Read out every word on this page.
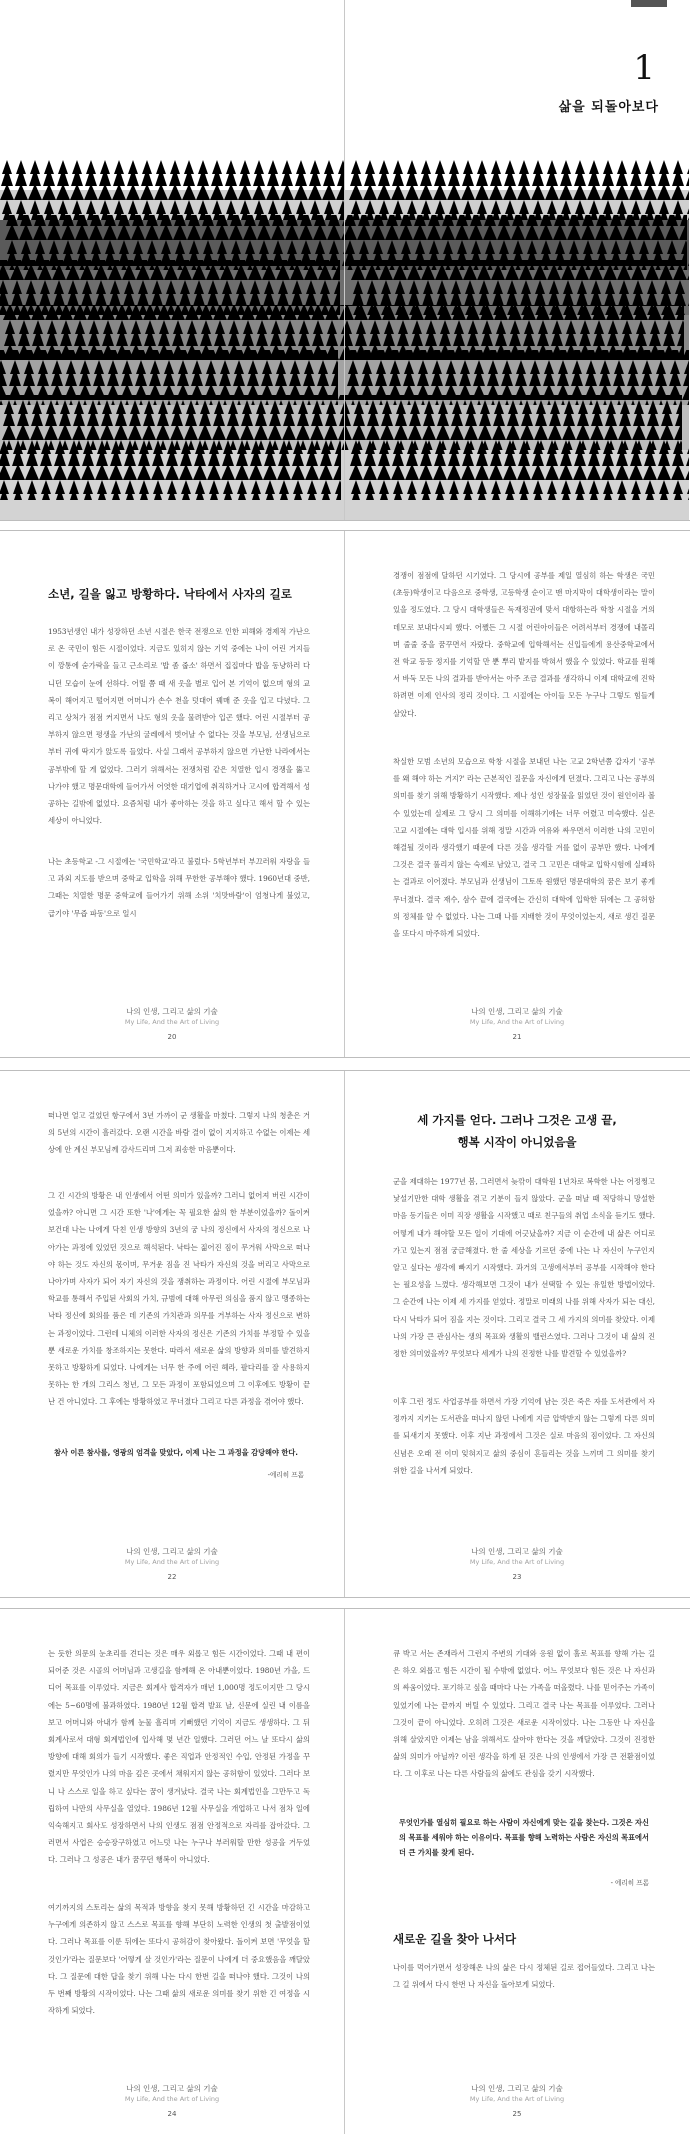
1
삶을 되돌아보다
소년, 길을 잃고 방황하다. 낙타에서 사자의 길로
1953년생인 내가 성장하던 소년 시절은 한국 전쟁으로 인한 피해와 경제적 가난으로 온 국민이 힘든 시절이었다. 지금도 있히지 않는 기억 중에는 나이 어린 거지들이 깡통에 숟가락을 들고 근소리로 '밥 좀 줍소' 하면서 집집마다 밥을 동냥하러 다니던 모습이 눈에 선하다. 어릴 쯤 때 새 옷을 별로 입어 본 기억이 없으며 형의 교복이 해어지고 떨어지면 어머니가 손수 천을 덧대어 꿰매 준 옷을 입고 다녔다. 그리고 상처가 점점 커지면서 나도 형의 옷을 물려받아 입곤 했다. 어린 시절부터 공부하지 않으면 평생을 가난의 굴레에서 벗어날 수 없다는 것을 부모님, 선생님으로부터 귀에 딱지가 앉도록 들었다. 사실 그래서 공부하지 않으면 가난한 나라에서는 공부밖에 할 게 없었다. 그러기 위해서는 전쟁처럼 같은 치열한 입시 경쟁을 뚫고 나가야 했고 명문대학에 들어가서 어엿한 대기업에 취직하거나 고시에 합격해서 성공하는 길밖에 없었다. 요즘처럼 내가 좋아하는 것을 하고 싶다고 해서 할 수 있는 세상이 아니었다.
나는 초등학교 -그 시절에는 '국민학교'라고 불렀다- 5학년부터 부끄러워 자랑을 들고 과외 지도를 받으며 중학교 입학을 위해 무한한 공부해야 했다. 1960년대 중반, 그때는 치열한 명문 중학교에 들어가기 위해 소위 '치맛바람'이 엄청나게 불었고, 급기야 '무즙 파동'으로 일시
나의 인생, 그리고 삶의 기술
My Life, And the Art of Living
20
경쟁이 점점에 달하던 시기였다. 그 당시에 공부를 제일 열심히 하는 학생은 국민(초등)학생이고 다음으로 중학생, 고등학생 순이고 맨 마지막이 대학생이라는 말이 있을 정도였다. 그 당시 대학생들은 독재정권에 맞서 대항하는라 학창 시절을 거의 데모로 보내다시피 했다. 어쨌든 그 시절 어린아이들은 어려서부터 경쟁에 내몰리며 줄줄 중을 꿈꾸면서 자랐다. 중학교에 입학해서는 신입들에게 용산중학교에서 전 학교 등등 정지를 기억할 만 뿐 뿌리 밭지를 박혀서 했을 수 있었다. 학교를 원해서 바둑 모든 나의 결과를 받아서는 아주 조금 결과를 생각하니 이제 대학교에 진학하려면 이제 인사의 정리 것이다. 그 시절에는 아이들 모든 누구나 그렇도 힘들게 살았다.
착실한 모범 소년의 모습으로 학창 시절을 보내던 나는 고교 2학년쯤 갑자기 '공부를 왜 해야 하는 거지?' 라는 근본적인 질문을 자신에게 던졌다. 그리고 나는 공부의 의미를 찾기 위해 방황하기 시작했다. 제나 성인 성장물을 읽었던 것이 원인이라 볼 수 있었는데 실제로 그 당시 그 의미를 이해하기에는 너무 어렸고 미숙했다. 실은 고교 시절에는 대학 입시를 위해 정말 시간과 여유와 싸우면서 이러한 나의 고민이 해결될 것이라 생각했기 때문에 다른 것을 생각할 겨를 없이 공부만 했다. 나에게 그것은 결국 풀리지 않는 숙제로 남았고, 결국 그 고민은 대학교 입학시험에 실패하는 결과로 이어졌다. 부모님과 선생님이 그토록 원했던 명문대학의 꿈은 보기 좋게 무너졌다. 결국 재수, 삼수 끝에 결국에는 간신히 대학에 입학한 뒤에는 그 공허함의 정체를 알 수 없었다. 나는 그때 나를 지배한 것이 무엇이었는지, 새로 생긴 질문을 또다시 마주하게 되었다.
나의 인생, 그리고 삶의 기술
My Life, And the Art of Living
21
떠나면 얼고 걸었던 항구에서 3년 가까이 군 생활을 마쳤다. 그렇지 나의 청춘은 거의 5년의 시간이 흘러갔다. 오랜 시간을 바람 결이 없이 지지하고 수없는 이제는 세상에 안 계신 부모님께 감사드리며 그저 죄송한 마음뿐이다.
그 긴 시간의 방황은 내 인생에서 어떤 의미가 있을까? 그러니 없어져 버린 시간이었을까? 아니면 그 시간 또한 '나'에게는 꼭 필요한 삶의 한 부분이었을까? 돌이켜보건대 나는 나에게 닥친 인생 방향의 3년의 궁 나의 정신에서 사자의 정신으로 나아가는 과정에 있었던 것으로 해석된다. 낙타는 짊어진 짐이 무거워 사막으로 떠나야 하는 것도 자신의 몫이며, 무거운 짐을 진 낙타가 자신의 것을 버리고 사막으로 나아가며 사자가 되어 자기 자신의 것을 쟁취하는 과정이다. 어린 시절에 부모님과 학교를 통해서 주입된 사회의 가치, 규범에 대해 아무런 의심을 품지 않고 맹종하는 낙타 정신에 회의를 품은 데 기존의 가치관과 의무를 거부하는 사자 정신으로 변하는 과정이었다. 그런데 니체의 이러한 사자의 정신은 기존의 가치를 부정할 수 있을 뿐 새로운 가치를 창조하지는 못한다. 따라서 새로운 삶의 방향과 의미를 발견하지 못하고 방황하게 되었다. 나에게는 너무 한 주에 어린 헤라, 팔다리를 잘 사용하지 못하는 한 개의 그리스 청년, 그 모든 과정이 포함되었으며 그 이후에도 방황이 끝난 건 아니었다. 그 후에는 방황하였고 무너졌다 그리고 다른 과정을 겪어야 했다.
참사 이른 참사를, 영광의 엄격을 맞았다, 이제 나는 그 과정을 감당해야 한다.
-에리히 프롬
나의 인생, 그리고 삶의 기술
My Life, And the Art of Living
22
세 가지를 얻다. 그러나 그것은 고생 끝,
행복 시작이 아니었음을
군을 제대하는 1977년 봄, 그러면서 늦깎이 대학원 1년차로 복학한 나는 어정쩡고 낯설기만한 대학 생활을 겪고 기분이 들지 않았다. 군을 떠날 때 적당하니 망설한 마음 동기들은 이미 직장 생활을 시작했고 때로 친구들의 취업 소식을 듣기도 했다. 어떻게 내가 해야할 모든 일이 기대에 어긋났을까? 지금 이 순간에 내 삶은 어디로 가고 있는지 점점 궁금해졌다. 한 줄 세상을 기르던 중에 나는 나 자신이 누구인지 알고 싶다는 생각에 빠지기 시작했다. 과거의 고생에서부터 공부를 시작해야 한다는 필요성을 느꼈다. 생각해보면 그것이 내가 선택할 수 있는 유일한 방법이었다. 그 순간에 나는 이제 세 가지를 얻었다. 정말로 미래의 나를 위해 사자가 되는 대신, 다시 낙타가 되어 짐을 지는 것이다. 그리고 결국 그 세 가지의 의미를 찾았다. 이제 나의 가장 큰 관심사는 생의 목표와 생활의 밸런스였다. 그러나 그것이 내 삶의 진정한 의미였을까? 무엇보다 세계가 나의 진정한 나를 발견할 수 있었을까?
이후 그런 정도 사업공부를 하면서 가장 기억에 남는 것은 죽은 자를 도서관에서 자정까지 지키는 도서관을 떠나지 않던 나에게 지금 압박받지 않는 그렇게 다른 의미를 되새기지 못했다. 이후 지난 과정에서 그것은 실로 마음의 짐이었다. 그 자신의 신념은 오래 전 이미 잊혀지고 삶의 중심이 흔들리는 것을 느끼며 그 의미를 찾기 위한 길을 나서게 되었다.
나의 인생, 그리고 삶의 기술
My Life, And the Art of Living
23
는 듯한 의문의 눈초리를 견디는 것은 매우 외롭고 힘든 시간이었다. 그때 내 편이 되어준 것은 시골의 어머님과 고생길을 함께해 온 아내뿐이었다. 1980년 가을, 드디어 목표를 이루었다. 지금은 회계사 합격자가 매년 1,000명 정도이지만 그 당시에는 5~60명에 불과하였다. 1980년 12월 합격 발표 날, 신문에 실린 내 이름을 보고 어머니와 아내가 함께 눈물 흘리며 기뻐했던 기억이 지금도 생생하다. 그 뒤 회계사로서 대형 회계법인에 입사해 몇 년간 일했다. 그러던 어느 날 또다시 삶의 방향에 대해 회의가 들기 시작했다. 좋은 직업과 안정적인 수입, 안정된 가정을 꾸렸지만 무엇인가 나의 마음 깊은 곳에서 채워지지 않는 공허함이 있었다. 그러다 보니 나 스스로 일을 하고 싶다는 꿈이 생겨났다. 결국 나는 회계법인을 그만두고 독립하여 나만의 사무실을 열었다. 1986년 12월 사무실을 개업하고 나서 점차 일에 익숙해지고 회사도 성장하면서 나의 인생도 점점 안정적으로 자리를 잡아갔다. 그러면서 사업은 승승장구하였고 어느덧 나는 누구나 부러워할 만한 성공을 거두었다. 그러나 그 성공은 내가 꿈꾸던 행복이 아니었다.
여기까지의 스토리는 삶의 목적과 방향을 찾지 못해 방황하던 긴 시간을 마감하고 누구에게 의존하지 않고 스스로 목표를 향해 부단히 노력한 인생의 첫 출발점이었다. 그러나 목표를 이룬 뒤에는 또다시 공허감이 찾아왔다. 돌이켜 보면 '무엇을 할 것인가'라는 질문보다 '어떻게 살 것인가'라는 질문이 나에게 더 중요했음을 깨달았다. 그 질문에 대한 답을 찾기 위해 나는 다시 한번 길을 떠나야 했다. 그것이 나의 두 번째 방황의 시작이었다. 나는 그때 삶의 새로운 의미를 찾기 위한 긴 여정을 시작하게 되었다.
나의 인생, 그리고 삶의 기술
My Life, And the Art of Living
24
큐 박고 서는 존재라서 그런지 주변의 기대와 응원 없이 홀로 목표를 향해 가는 길은 하오 외롭고 힘든 시간이 될 수밖에 없었다. 어느 무엇보다 힘든 것은 나 자신과의 싸움이었다. 포기하고 싶을 때마다 나는 가족을 떠올렸다. 나를 믿어주는 가족이 있었기에 나는 끝까지 버틸 수 있었다. 그리고 결국 나는 목표를 이루었다. 그러나 그것이 끝이 아니었다. 오히려 그것은 새로운 시작이었다. 나는 그동안 나 자신을 위해 살았지만 이제는 남을 위해서도 살아야 한다는 것을 깨달았다. 그것이 진정한 삶의 의미가 아닐까? 이런 생각을 하게 된 것은 나의 인생에서 가장 큰 전환점이었다. 그 이후로 나는 다른 사람들의 삶에도 관심을 갖기 시작했다.
무엇인가를 열심히 필요로 하는 사람이 자신에게 맞는 길을 찾는다. 그것은 자신의 목표를 세워야 하는 이유이다. 목표를 향해 노력하는 사람은 자신의 목표에서 더 큰 가치를 찾게 된다.
- 에리히 프롬
새로운 길을 찾아 나서다
나이를 먹어가면서 성장해온 나의 삶은 다시 정체된 길로 접어들었다. 그리고 나는 그 길 위에서 다시 한번 나 자신을 돌아보게 되었다.
나의 인생, 그리고 삶의 기술
My Life, And the Art of Living
25
